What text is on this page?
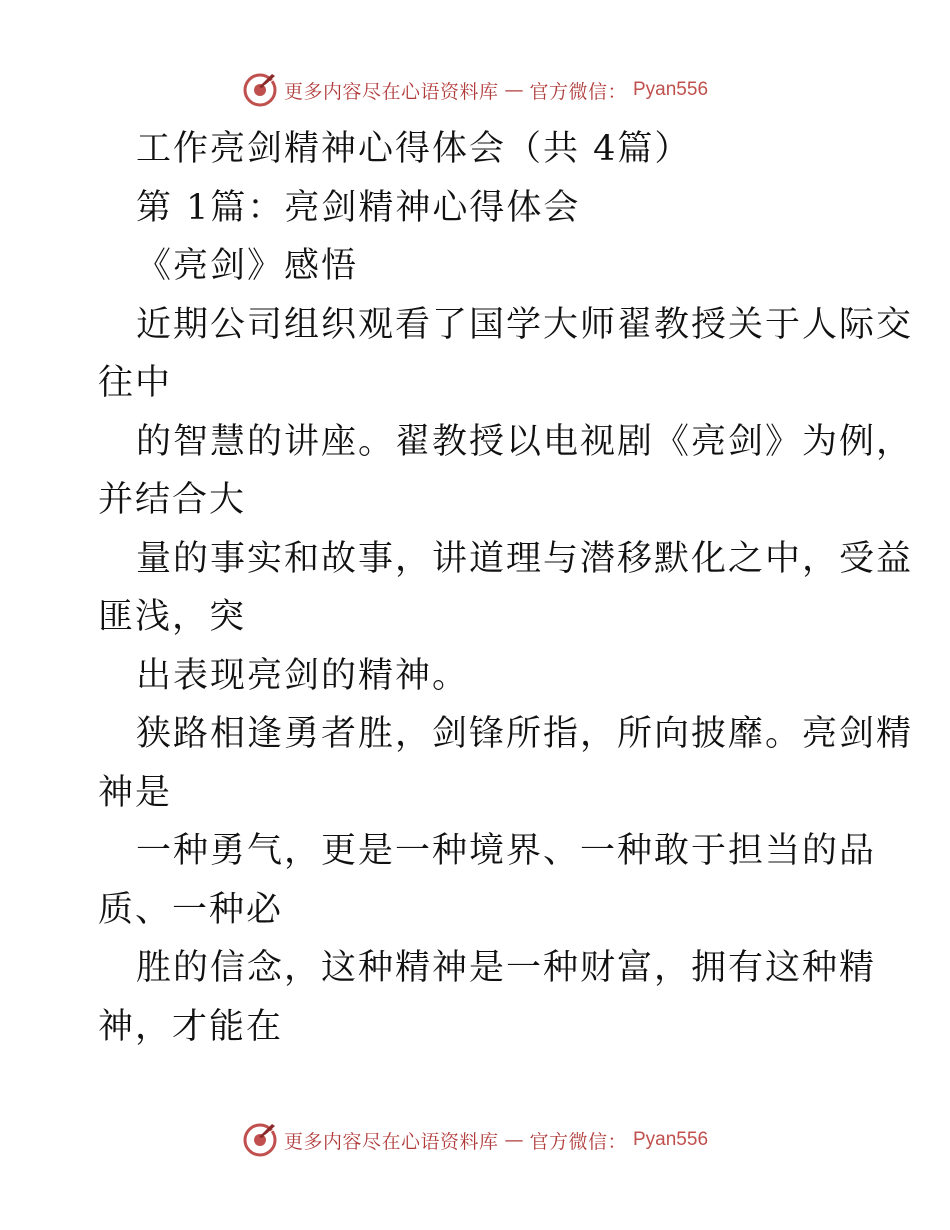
更多内容尽在心语资料库 — 官方微信： Pyan556
工作亮剑精神心得体会（共 4篇）
第 1篇：亮剑精神心得体会
《亮剑》感悟
近期公司组织观看了国学大师翟教授关于人际交
往中
的智慧的讲座。翟教授以电视剧《亮剑》为例，
并结合大
量的事实和故事，讲道理与潜移默化之中，受益
匪浅，突
出表现亮剑的精神。
狭路相逢勇者胜，剑锋所指，所向披靡。亮剑精
神是
一种勇气，更是一种境界、一种敢于担当的品
质、一种必
胜的信念，这种精神是一种财富，拥有这种精
神，才能在
更多内容尽在心语资料库 — 官方微信： Pyan556
